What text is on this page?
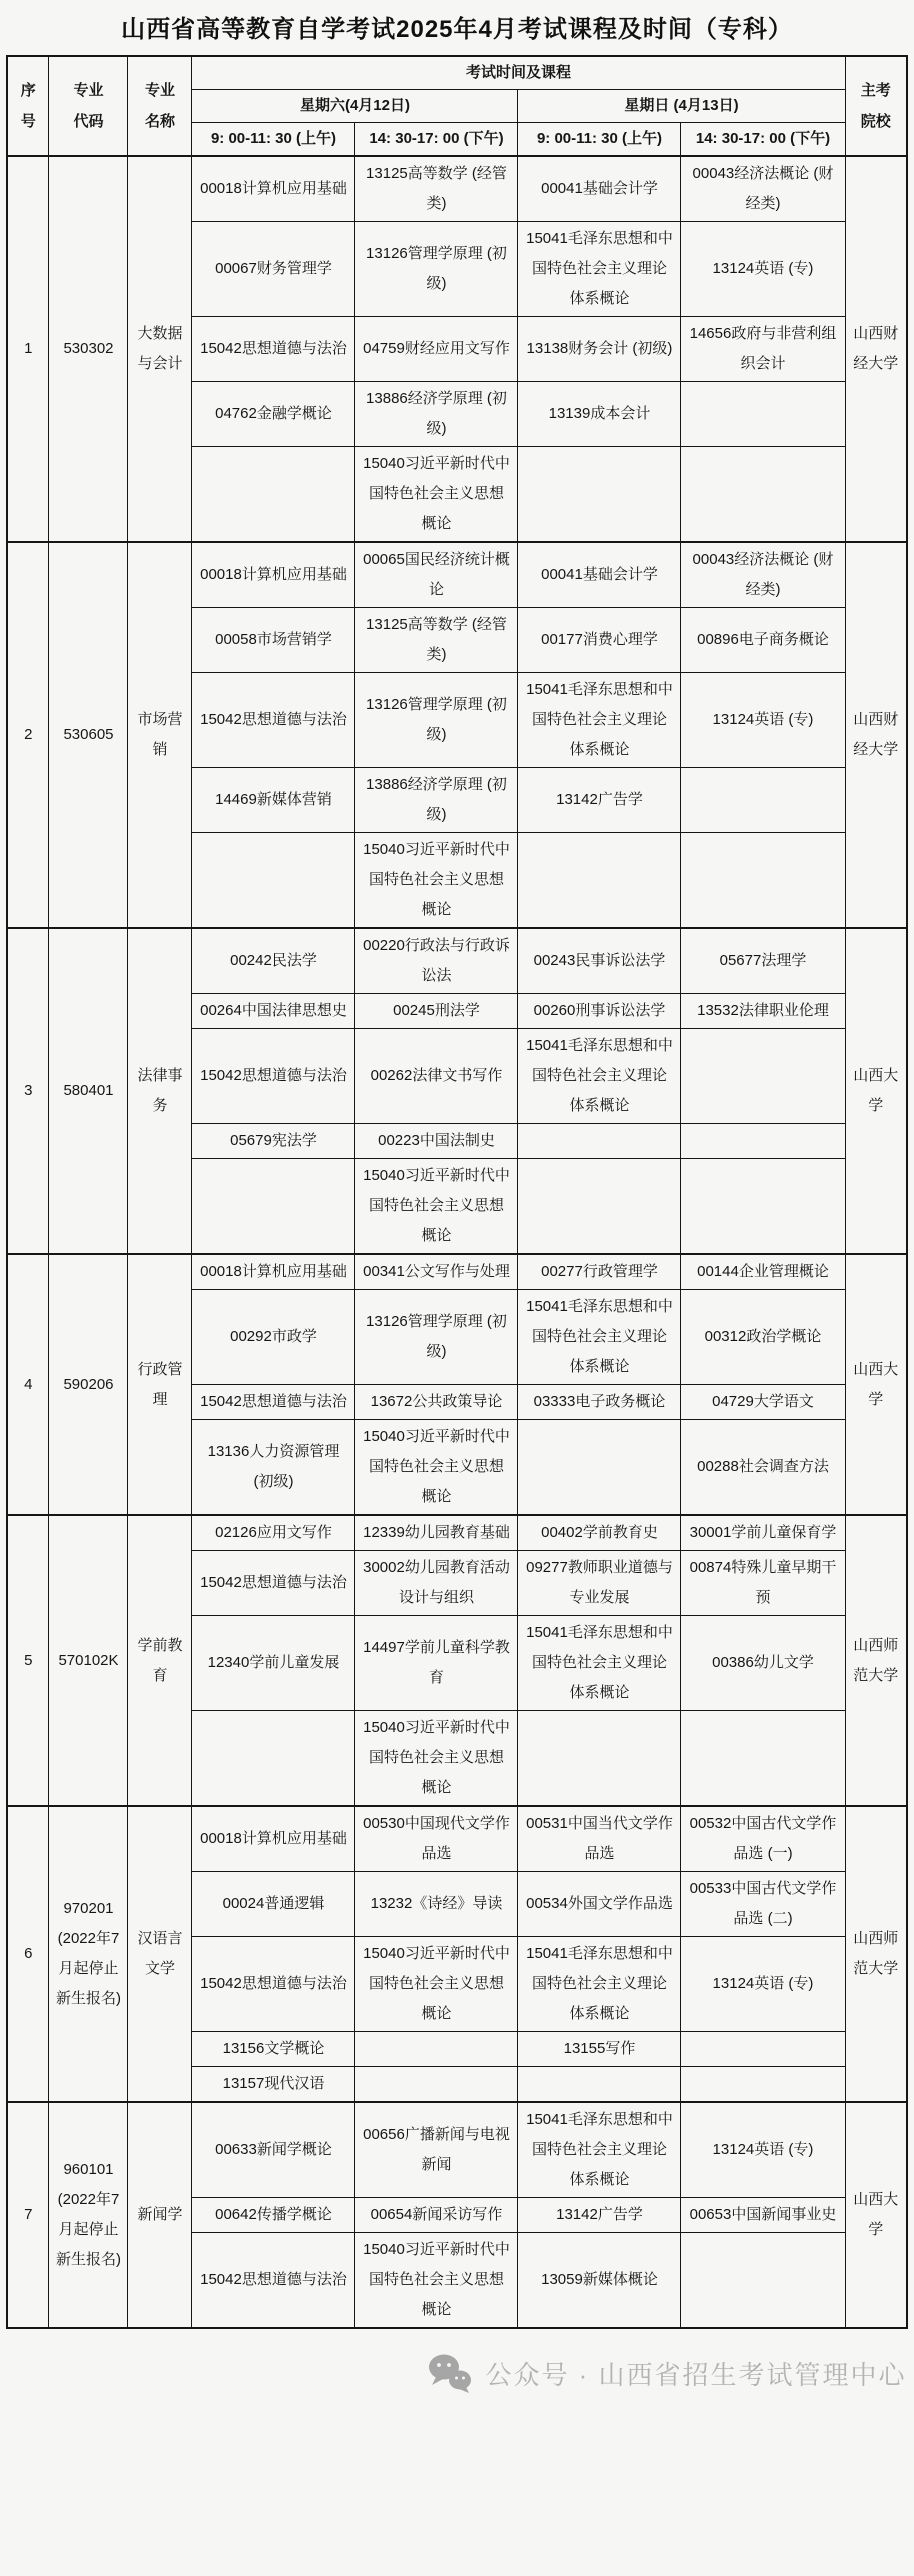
山西省高等教育自学考试2025年4月考试课程及时间（专科）
序号	专业代码	专业名称	考试时间及课程				主考院校
			星期六(4月12日)		星期日 (4月13日)		
			9: 00-11: 30 (上午)	14: 30-17: 00 (下午)	9: 00-11: 30 (上午)	14: 30-17: 00 (下午)	
1	530302	大数据与会计	00018计算机应用基础	13125高等数学 (经管类)	00041基础会计学	00043经济法概论 (财经类)	山西财经大学
			00067财务管理学	13126管理学原理 (初级)	15041毛泽东思想和中国特色社会主义理论体系概论	13124英语 (专)	
			15042思想道德与法治	04759财经应用文写作	13138财务会计 (初级)	14656政府与非营利组织会计	
			04762金融学概论	13886经济学原理 (初级)	13139成本会计		
				15040习近平新时代中国特色社会主义思想概论			
2	530605	市场营销	00018计算机应用基础	00065国民经济统计概论	00041基础会计学	00043经济法概论 (财经类)	山西财经大学
			00058市场营销学	13125高等数学 (经管类)	00177消费心理学	00896电子商务概论	
			15042思想道德与法治	13126管理学原理 (初级)	15041毛泽东思想和中国特色社会主义理论体系概论	13124英语 (专)	
			14469新媒体营销	13886经济学原理 (初级)	13142广告学		
				15040习近平新时代中国特色社会主义思想概论			
3	580401	法律事务	00242民法学	00220行政法与行政诉讼法	00243民事诉讼法学	05677法理学	山西大学
			00264中国法律思想史	00245刑法学	00260刑事诉讼法学	13532法律职业伦理	
			15042思想道德与法治	00262法律文书写作	15041毛泽东思想和中国特色社会主义理论体系概论		
			05679宪法学	00223中国法制史			
				15040习近平新时代中国特色社会主义思想概论			
4	590206	行政管理	00018计算机应用基础	00341公文写作与处理	00277行政管理学	00144企业管理概论	山西大学
			00292市政学	13126管理学原理 (初级)	15041毛泽东思想和中国特色社会主义理论体系概论	00312政治学概论	
			15042思想道德与法治	13672公共政策导论	03333电子政务概论	04729大学语文	
			13136人力资源管理 (初级)	15040习近平新时代中国特色社会主义思想概论		00288社会调查方法	
5	570102K	学前教育	02126应用文写作	12339幼儿园教育基础	00402学前教育史	30001学前儿童保育学	山西师范大学
			15042思想道德与法治	30002幼儿园教育活动设计与组织	09277教师职业道德与专业发展	00874特殊儿童早期干预	
			12340学前儿童发展	14497学前儿童科学教育	15041毛泽东思想和中国特色社会主义理论体系概论	00386幼儿文学	
				15040习近平新时代中国特色社会主义思想概论			
6	970201 (2022年7月起停止新生报名)	汉语言文学	00018计算机应用基础	00530中国现代文学作品选	00531中国当代文学作品选	00532中国古代文学作品选 (一)	山西师范大学
			00024普通逻辑	13232《诗经》导读	00534外国文学作品选	00533中国古代文学作品选 (二)	
			15042思想道德与法治	15040习近平新时代中国特色社会主义思想概论	15041毛泽东思想和中国特色社会主义理论体系概论	13124英语 (专)	
			13156文学概论		13155写作		
			13157现代汉语				
7	960101 (2022年7月起停止新生报名)	新闻学	00633新闻学概论	00656广播新闻与电视新闻	15041毛泽东思想和中国特色社会主义理论体系概论	13124英语 (专)	山西大学
			00642传播学概论	00654新闻采访写作	13142广告学	00653中国新闻事业史	
			15042思想道德与法治	15040习近平新时代中国特色社会主义思想概论	13059新媒体概论		
公众号 · 山西省招生考试管理中心
